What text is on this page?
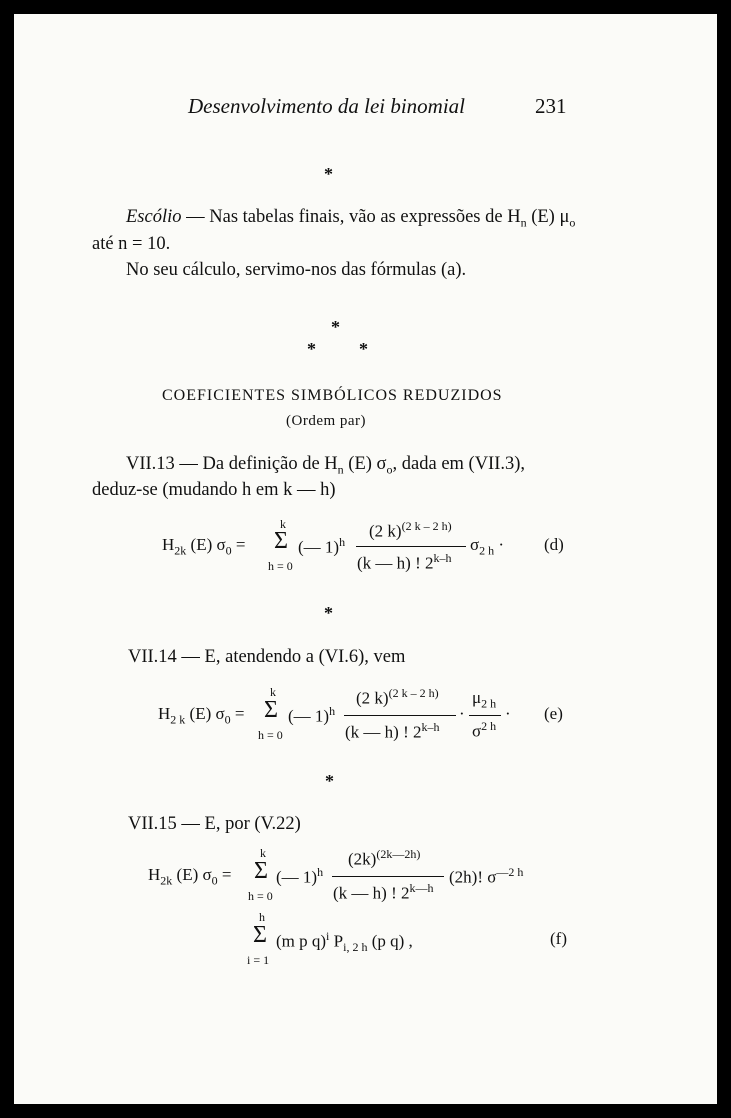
Desenvolvimento da lei binomial	231
*
Escólio — Nas tabelas finais, vão as expressões de $H_n$ (E) $\mu_o$
até n = 10.
No seu cálculo, servimo-nos das fórmulas (a).
*
* *
COEFICIENTES SIMBÓLICOS REDUZIDOS
(Ordem par)
VII.13 — Da definição de $H_n$ (E) $\sigma_o$, dada em (VII.3),
deduz-se (mudando h em k — h)
$H_{2k}$ (E) $\sigma_0$ =
k
Σ
h = 0
(— 1)$^h$
(2 k)$^{(2 k - 2 h)}$
(k — h) ! 2$^{k-h}$
$\sigma_{2 h} \cdot (d)$
*
VII.14 — E, atendendo a (VI.6), vem
$H_{2 k}$ (E) $\sigma_0$ =
k
Σ
h = 0
(— 1)$^h$
(2 k)$^{(2 k - 2 h)}$
(k — h) ! $2^{k-h}$
·
$\mu_{2 h}$
$\sigma^{2 h}$
· (e)
*
VII.15 — E, por (V.22)
$H_{2k}$ (E) $\sigma_0$ =
k
Σ
h = 0
(— 1)$^h$
$(2k)^{(2k—2h)}$
(k — h) ! $2^{k—h}$
(2h)! $\sigma^{—2 h}$
h
Σ
i = 1
(m p q)$^i$ $P_{i, 2 h}$ (p q) ,	(f)
